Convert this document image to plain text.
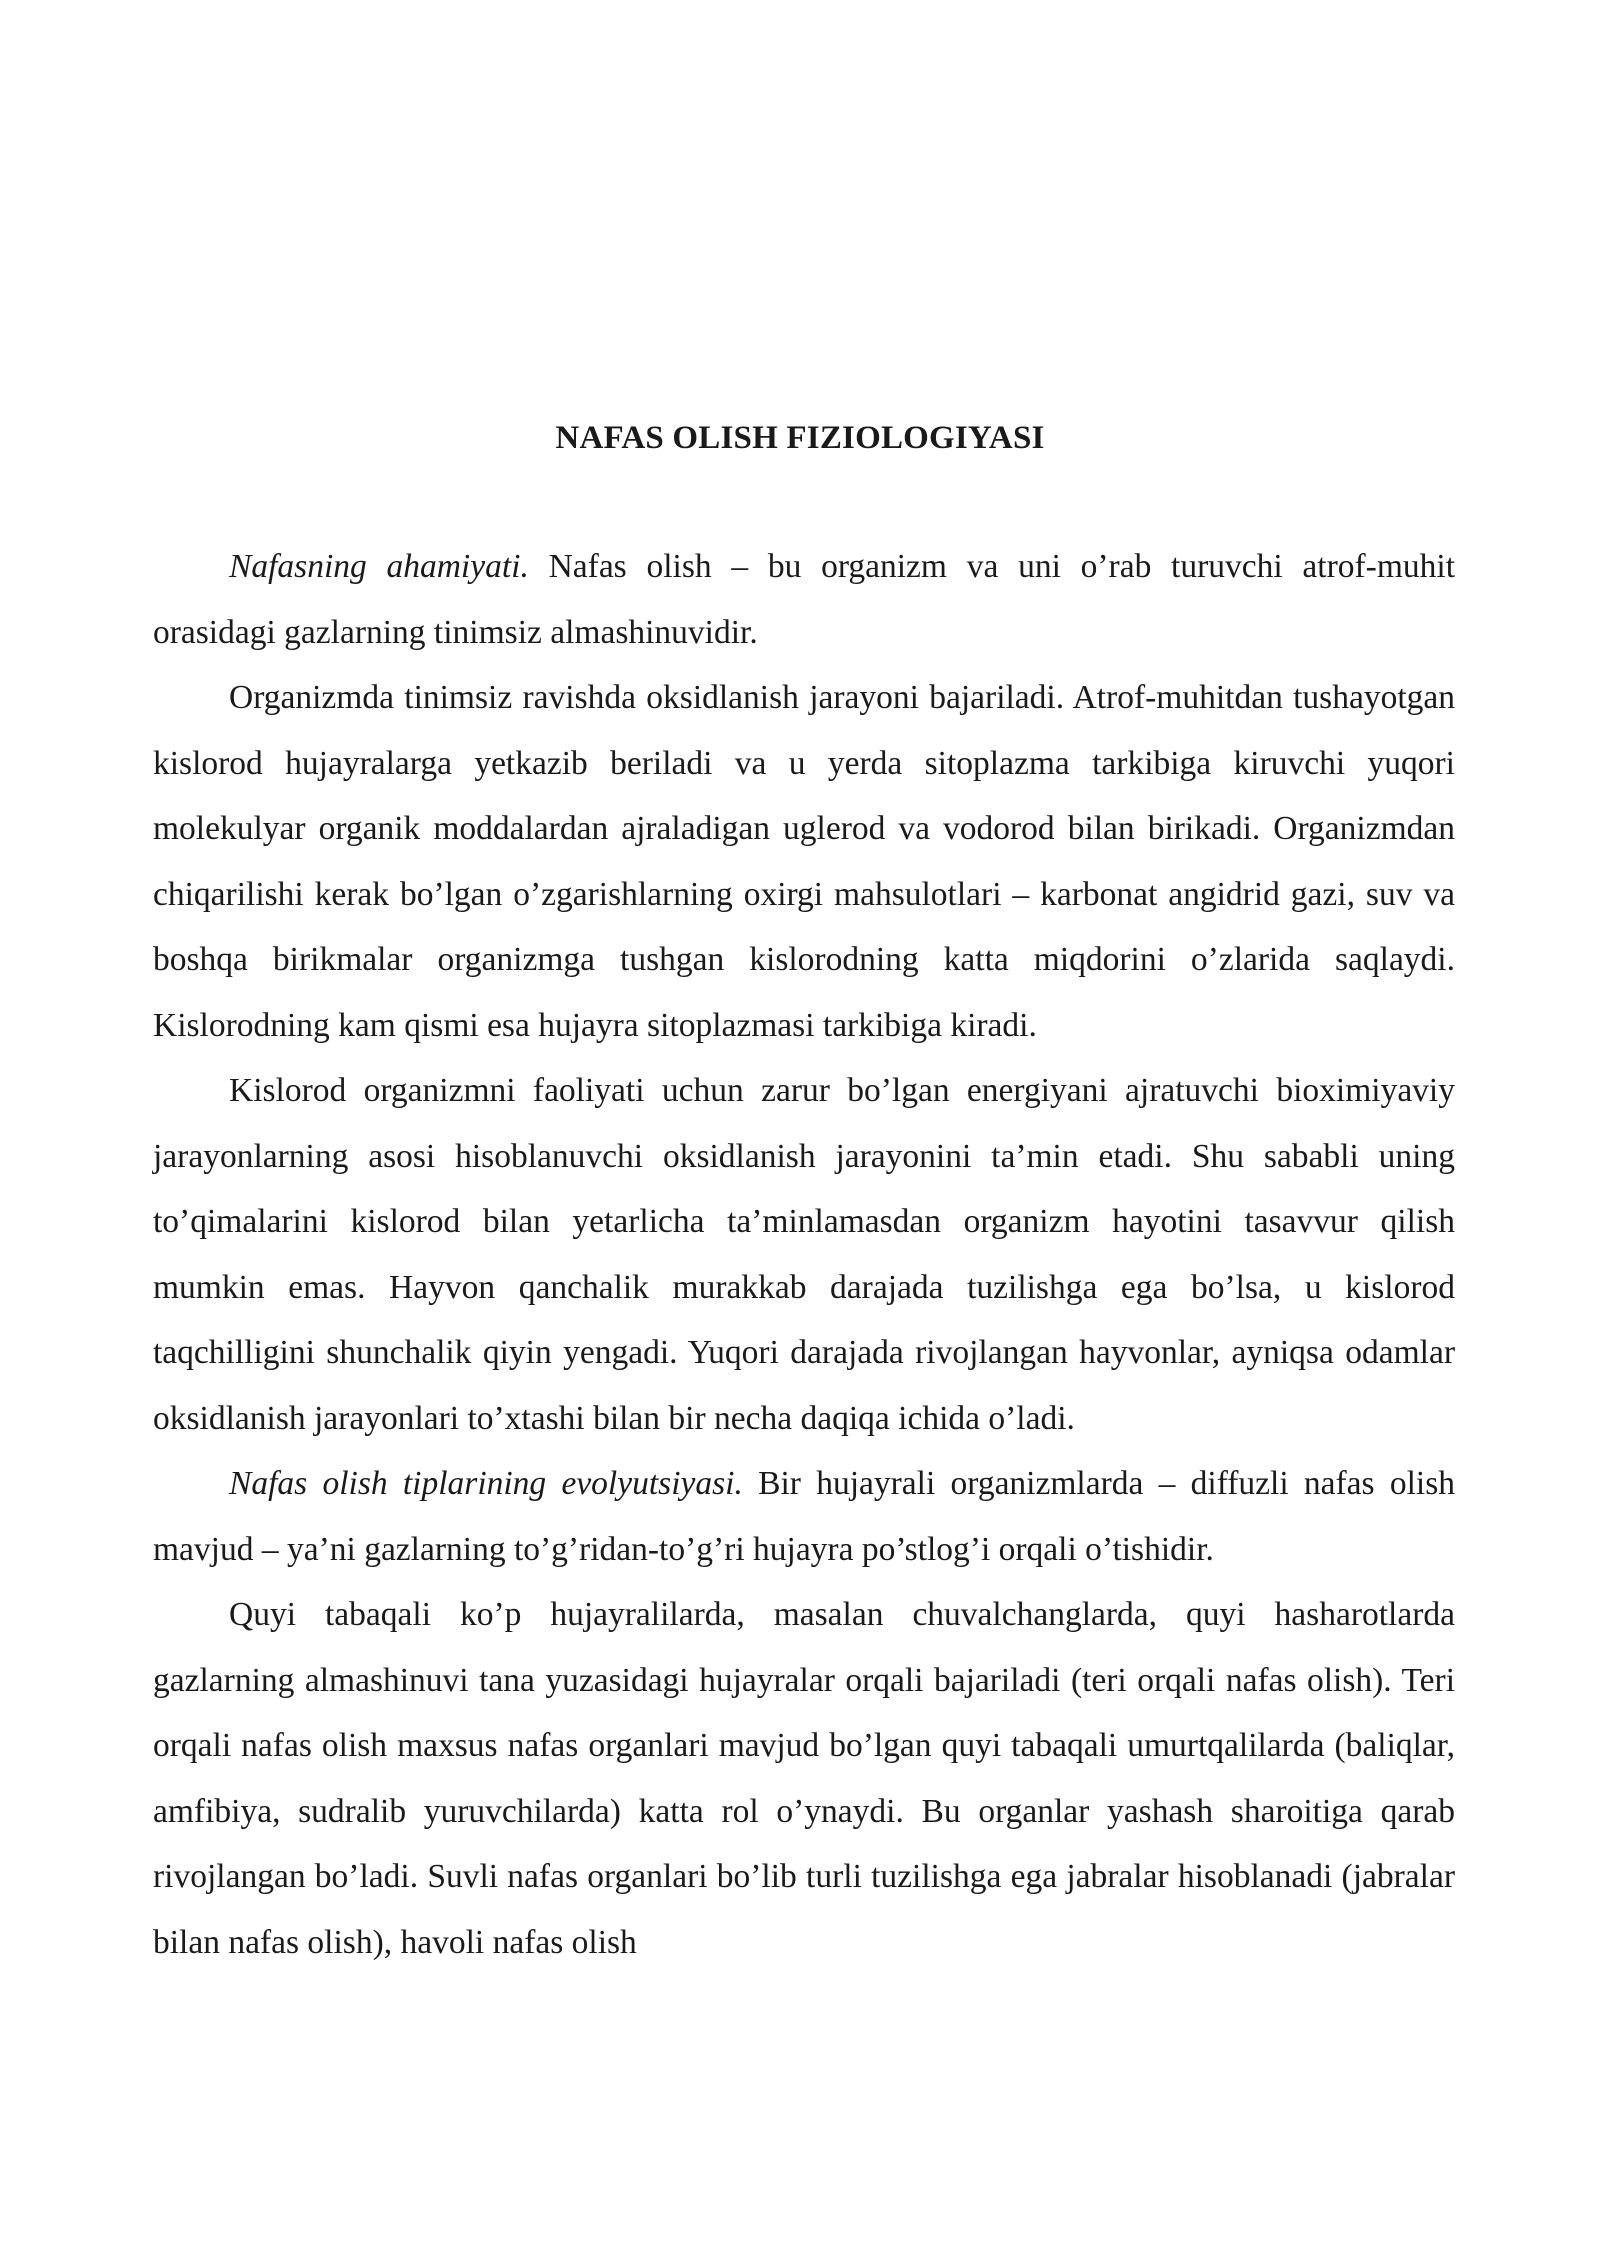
NAFAS OLISH FIZIOLOGIYASI

Nafasning ahamiyati. Nafas olish – bu organizm va uni o’rab turuvchi atrof-muhit orasidagi gazlarning tinimsiz almashinuvidir.

Organizmda tinimsiz ravishda oksidlanish jarayoni bajariladi. Atrof-muhitdan tushayotgan kislorod hujayralarga yetkazib beriladi va u yerda sitoplazma tarkibiga kiruvchi yuqori molekulyar organik moddalardan ajraladigan uglerod va vodorod bilan birikadi. Organizmdan chiqarilishi kerak bo’lgan o’zgarishlarning oxirgi mahsulotlari – karbonat angidrid gazi, suv va boshqa birikmalar organizmga tushgan kislorodning katta miqdorini o’zlarida saqlaydi. Kislorodning kam qismi esa hujayra sitoplazmasi tarkibiga kiradi.

Kislorod organizmni faoliyati uchun zarur bo’lgan energiyani ajratuvchi bioximiyaviy jarayonlarning asosi hisoblanuvchi oksidlanish jarayonini ta’min etadi. Shu sababli uning to’qimalarini kislorod bilan yetarlicha ta’minlamasdan organizm hayotini tasavvur qilish mumkin emas. Hayvon qanchalik murakkab darajada tuzilishga ega bo’lsa, u kislorod taqchilligini shunchalik qiyin yengadi. Yuqori darajada rivojlangan hayvonlar, ayniqsa odamlar oksidlanish jarayonlari to’xtashi bilan bir necha daqiqa ichida o’ladi.

Nafas olish tiplarining evolyutsiyasi. Bir hujayrali organizmlarda – diffuzli nafas olish mavjud – ya’ni gazlarning to’g’ridan-to’g’ri hujayra po’stlog’i orqali o’tishidir.

Quyi tabaqali ko’p hujayralilarda, masalan chuvalchanglarda, quyi hasharotlarda gazlarning almashinuvi tana yuzasidagi hujayralar orqali bajariladi (teri orqali nafas olish). Teri orqali nafas olish maxsus nafas organlari mavjud bo’lgan quyi tabaqali umurtqalilarda (baliqlar, amfibiya, sudralib yuruvchilarda) katta rol o’ynaydi. Bu organlar yashash sharoitiga qarab rivojlangan bo’ladi. Suvli nafas organlari bo’lib turli tuzilishga ega jabralar hisoblanadi (jabralar bilan nafas olish), havoli nafas olish
